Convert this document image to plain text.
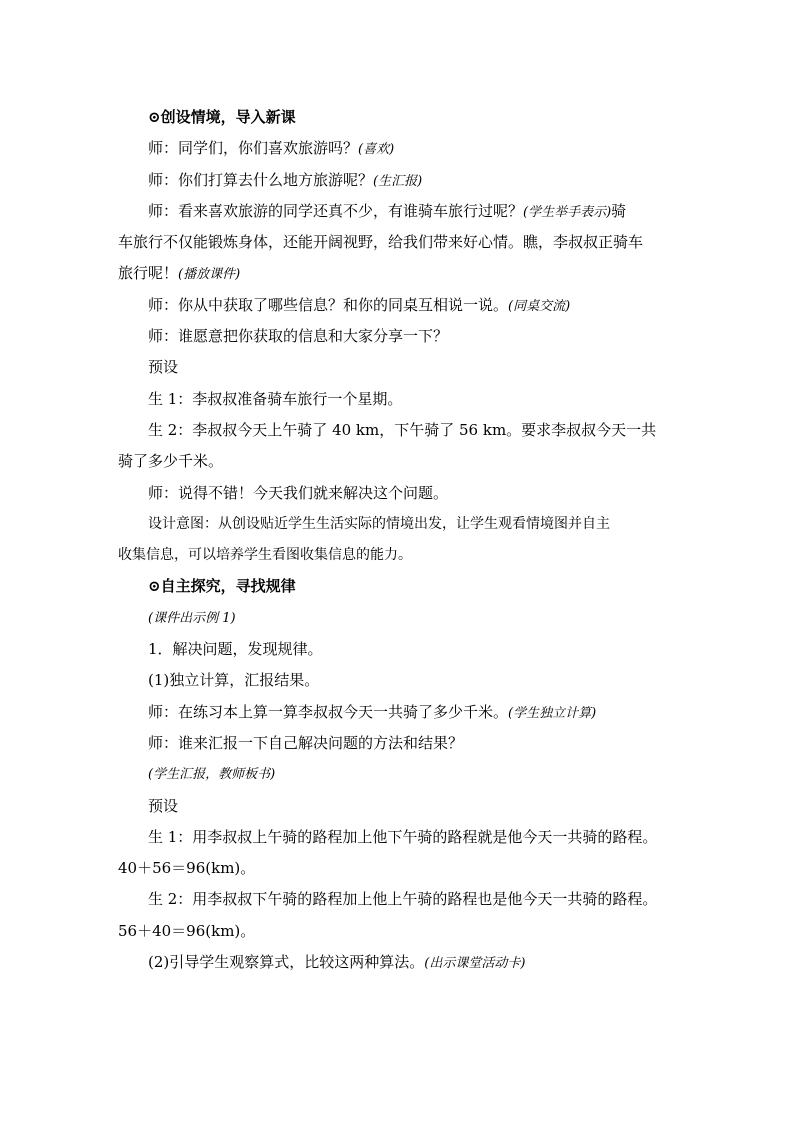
⊙创设情境，导入新课
师：同学们，你们喜欢旅游吗？(喜欢)
师：你们打算去什么地方旅游呢？(生汇报)
师：看来喜欢旅游的同学还真不少，有谁骑车旅行过呢？(学生举手表示)骑
车旅行不仅能锻炼身体，还能开阔视野，给我们带来好心情。瞧，李叔叔正骑车
旅行呢！(播放课件)
师：你从中获取了哪些信息？和你的同桌互相说一说。(同桌交流)
师：谁愿意把你获取的信息和大家分享一下？
预设
生 1：李叔叔准备骑车旅行一个星期。
生 2：李叔叔今天上午骑了 40 km，下午骑了 56 km。要求李叔叔今天一共
骑了多少千米。
师：说得不错！今天我们就来解决这个问题。
设计意图：从创设贴近学生生活实际的情境出发，让学生观看情境图并自主
收集信息，可以培养学生看图收集信息的能力。
⊙自主探究，寻找规律
(课件出示例 1)
1．解决问题，发现规律。
(1)独立计算，汇报结果。
师：在练习本上算一算李叔叔今天一共骑了多少千米。(学生独立计算)
师：谁来汇报一下自己解决问题的方法和结果？
(学生汇报，教师板书)
预设
生 1：用李叔叔上午骑的路程加上他下午骑的路程就是他今天一共骑的路程。
40＋56＝96(km)。
生 2：用李叔叔下午骑的路程加上他上午骑的路程也是他今天一共骑的路程。
56＋40＝96(km)。
(2)引导学生观察算式，比较这两种算法。(出示课堂活动卡)
